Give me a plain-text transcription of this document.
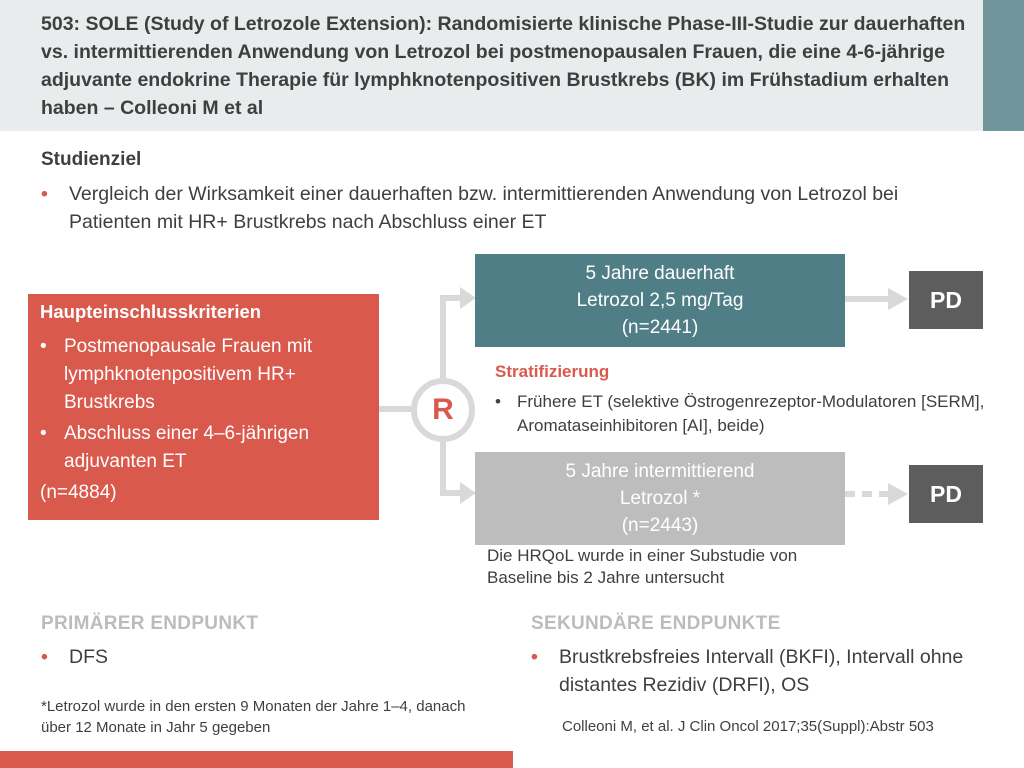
503: SOLE (Study of Letrozole Extension): Randomisierte klinische Phase-III-Studie zur dauerhaften vs. intermittierenden Anwendung von Letrozol bei postmenopausalen Frauen, die eine 4-6-jährige adjuvante endokrine Therapie für lymphknotenpositiven Brustkrebs (BK) im Frühstadium erhalten haben – Colleoni M et al
Studienziel
• Vergleich der Wirksamkeit einer dauerhaften bzw. intermittierenden Anwendung von Letrozol bei Patienten mit HR+ Brustkrebs nach Abschluss einer ET
Haupteinschlusskriterien
• Postmenopausale Frauen mit lymphknotenpositivem HR+ Brustkrebs
• Abschluss einer 4–6-jährigen adjuvanten ET
(n=4884)
R
5 Jahre dauerhaft
Letrozol 2,5 mg/Tag
(n=2441)
5 Jahre intermittierend
Letrozol *
(n=2443)
PD
PD
Stratifizierung
• Frühere ET (selektive Östrogenrezeptor-Modulatoren [SERM], Aromataseinhibitoren [AI], beide)
Die HRQoL wurde in einer Substudie von Baseline bis 2 Jahre untersucht
PRIMÄRER ENDPUNKT
• DFS
SEKUNDÄRE ENDPUNKTE
• Brustkrebsfreies Intervall (BKFI), Intervall ohne distantes Rezidiv (DRFI), OS
*Letrozol wurde in den ersten 9 Monaten der Jahre 1–4, danach über 12 Monate in Jahr 5 gegeben	Colleoni M, et al. J Clin Oncol 2017;35(Suppl):Abstr 503
